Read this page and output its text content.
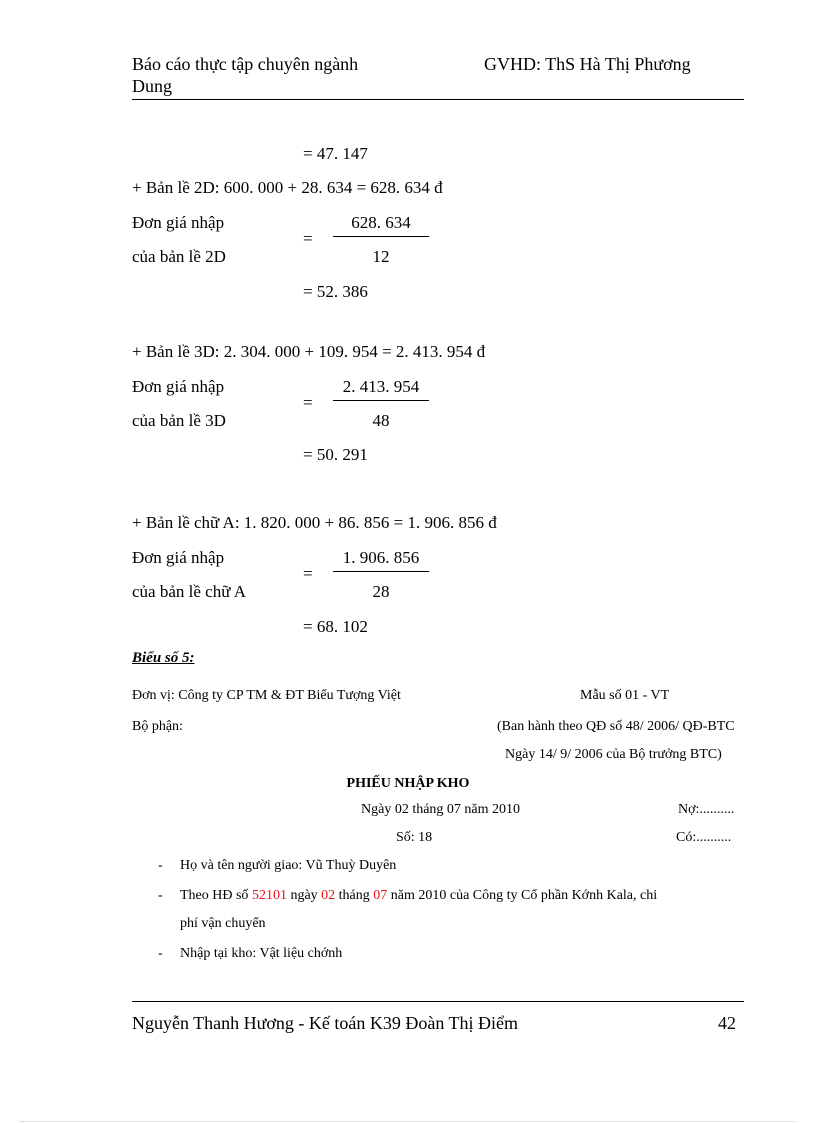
Báo cáo thực tập chuyên ngành
Dung
GVHD: ThS Hà Thị Phương
= 47. 147
+ Bản lề 2D: 600. 000 + 28. 634 = 628. 634 đ
Đơn giá nhập
của bản lề 2D
=
628. 634
12
= 52. 386
+ Bản lề 3D: 2. 304. 000 + 109. 954 = 2. 413. 954 đ
Đơn giá nhập
của bản lề 3D
=
2. 413. 954
48
= 50. 291
+ Bản lề chữ A: 1. 820. 000 + 86. 856 = 1. 906. 856 đ
Đơn giá nhập
của bản lề chữ A
=
1. 906. 856
28
= 68. 102
Biểu số 5:
Đơn vị: Công ty CP TM & ĐT Biểu Tượng Việt	Mẫu số 01 - VT
Bộ phận:	(Ban hành theo QĐ số 48/ 2006/ QĐ-BTC
Ngày 14/ 9/ 2006 của Bộ trưởng BTC)
PHIẾU NHẬP KHO
Ngày 02 tháng 07 năm 2010	Nợ:..........
Số: 18	Có:..........
- Họ và tên người giao: Vũ Thuỳ Duyên
- Theo HĐ số 52101 ngày 02 tháng 07 năm 2010 của Công ty Cổ phần Kớnh Kala, chi
phí vận chuyển
- Nhập tại kho: Vật liệu chớnh
Nguyễn Thanh Hương - Kế toán K39 Đoàn Thị Điểm	42
